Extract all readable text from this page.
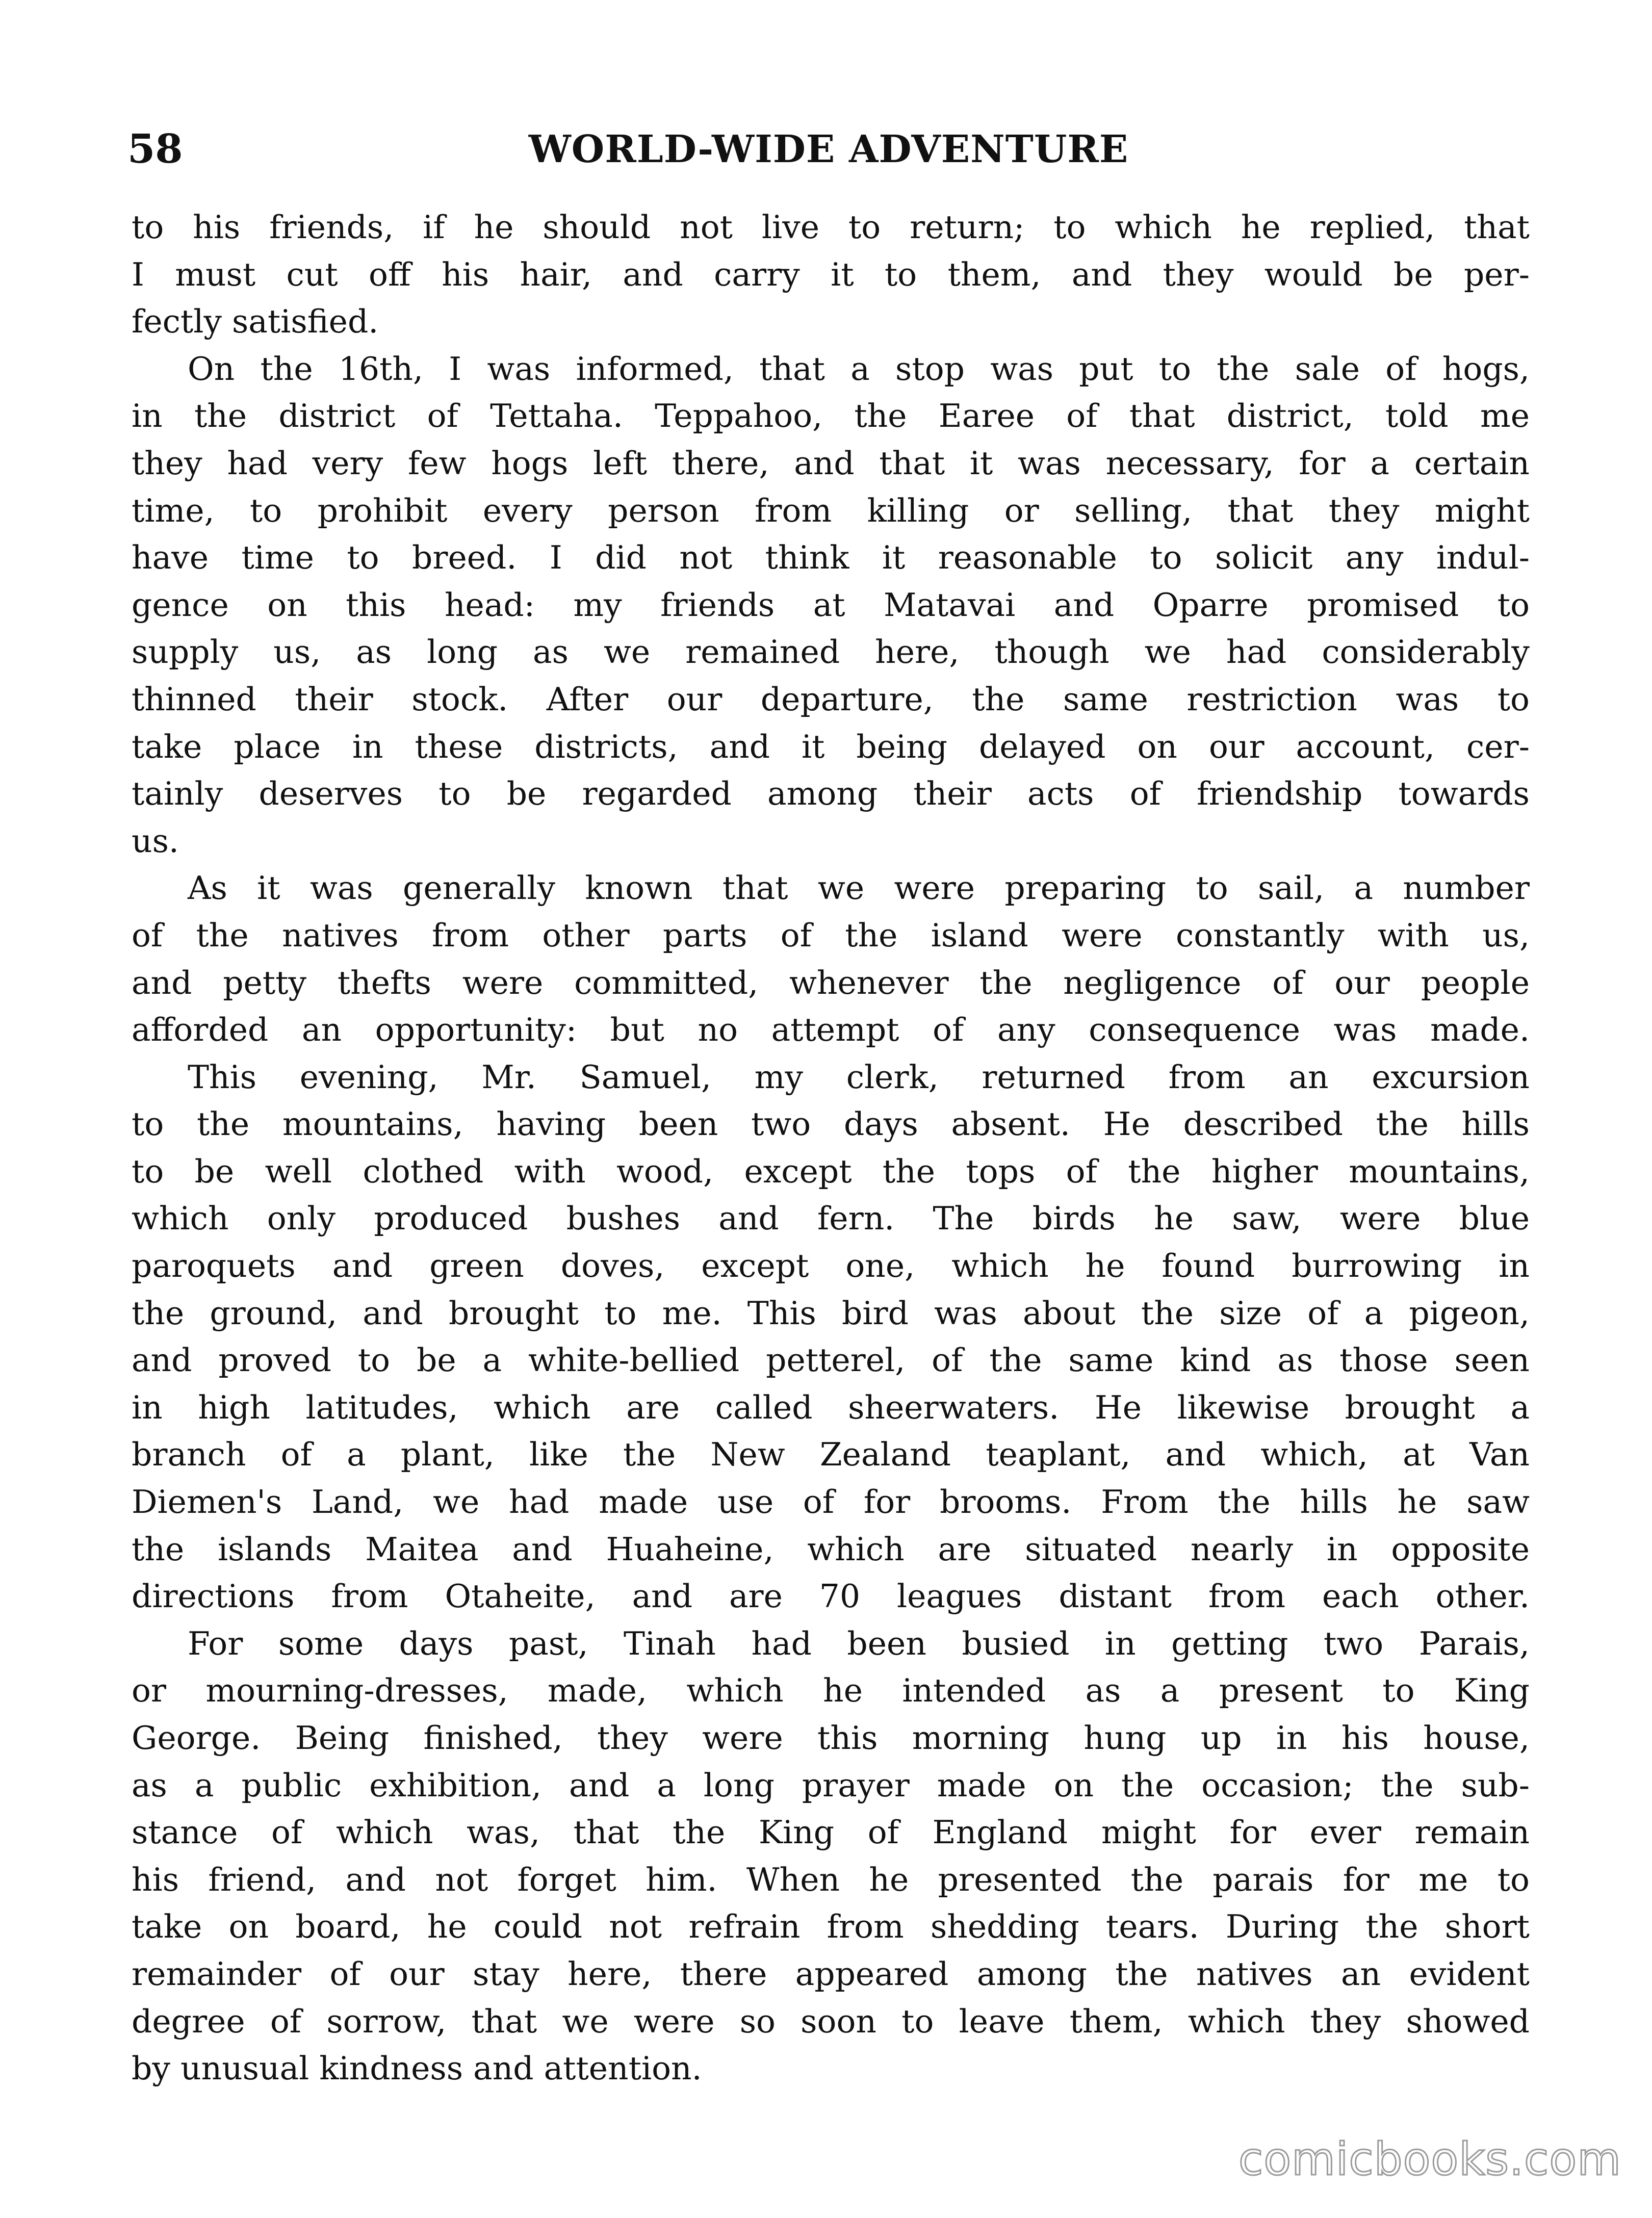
58	WORLD-WIDE ADVENTURE

to his friends, if he should not live to return; to which he replied, that
I must cut off his hair, and carry it to them, and they would be per-
fectly satisfied.

On the 16th, I was informed, that a stop was put to the sale of hogs,
in the district of Tettaha. Teppahoo, the Earee of that district, told me
they had very few hogs left there, and that it was necessary, for a certain
time, to prohibit every person from killing or selling, that they might
have time to breed. I did not think it reasonable to solicit any indul-
gence on this head: my friends at Matavai and Oparre promised to
supply us, as long as we remained here, though we had considerably
thinned their stock. After our departure, the same restriction was to
take place in these districts, and it being delayed on our account, cer-
tainly deserves to be regarded among their acts of friendship towards
us.

As it was generally known that we were preparing to sail, a number
of the natives from other parts of the island were constantly with us,
and petty thefts were committed, whenever the negligence of our people
afforded an opportunity: but no attempt of any consequence was made.

This evening, Mr. Samuel, my clerk, returned from an excursion
to the mountains, having been two days absent. He described the hills
to be well clothed with wood, except the tops of the higher mountains,
which only produced bushes and fern. The birds he saw, were blue
paroquets and green doves, except one, which he found burrowing in
the ground, and brought to me. This bird was about the size of a pigeon,
and proved to be a white-bellied petterel, of the same kind as those seen
in high latitudes, which are called sheerwaters. He likewise brought a
branch of a plant, like the New Zealand teaplant, and which, at Van
Diemen's Land, we had made use of for brooms. From the hills he saw
the islands Maitea and Huaheine, which are situated nearly in opposite
directions from Otaheite, and are 70 leagues distant from each other.

For some days past, Tinah had been busied in getting two Parais,
or mourning-dresses, made, which he intended as a present to King
George. Being finished, they were this morning hung up in his house,
as a public exhibition, and a long prayer made on the occasion; the sub-
stance of which was, that the King of England might for ever remain
his friend, and not forget him. When he presented the parais for me to
take on board, he could not refrain from shedding tears. During the short
remainder of our stay here, there appeared among the natives an evident
degree of sorrow, that we were so soon to leave them, which they showed
by unusual kindness and attention.

comicbooks.com
